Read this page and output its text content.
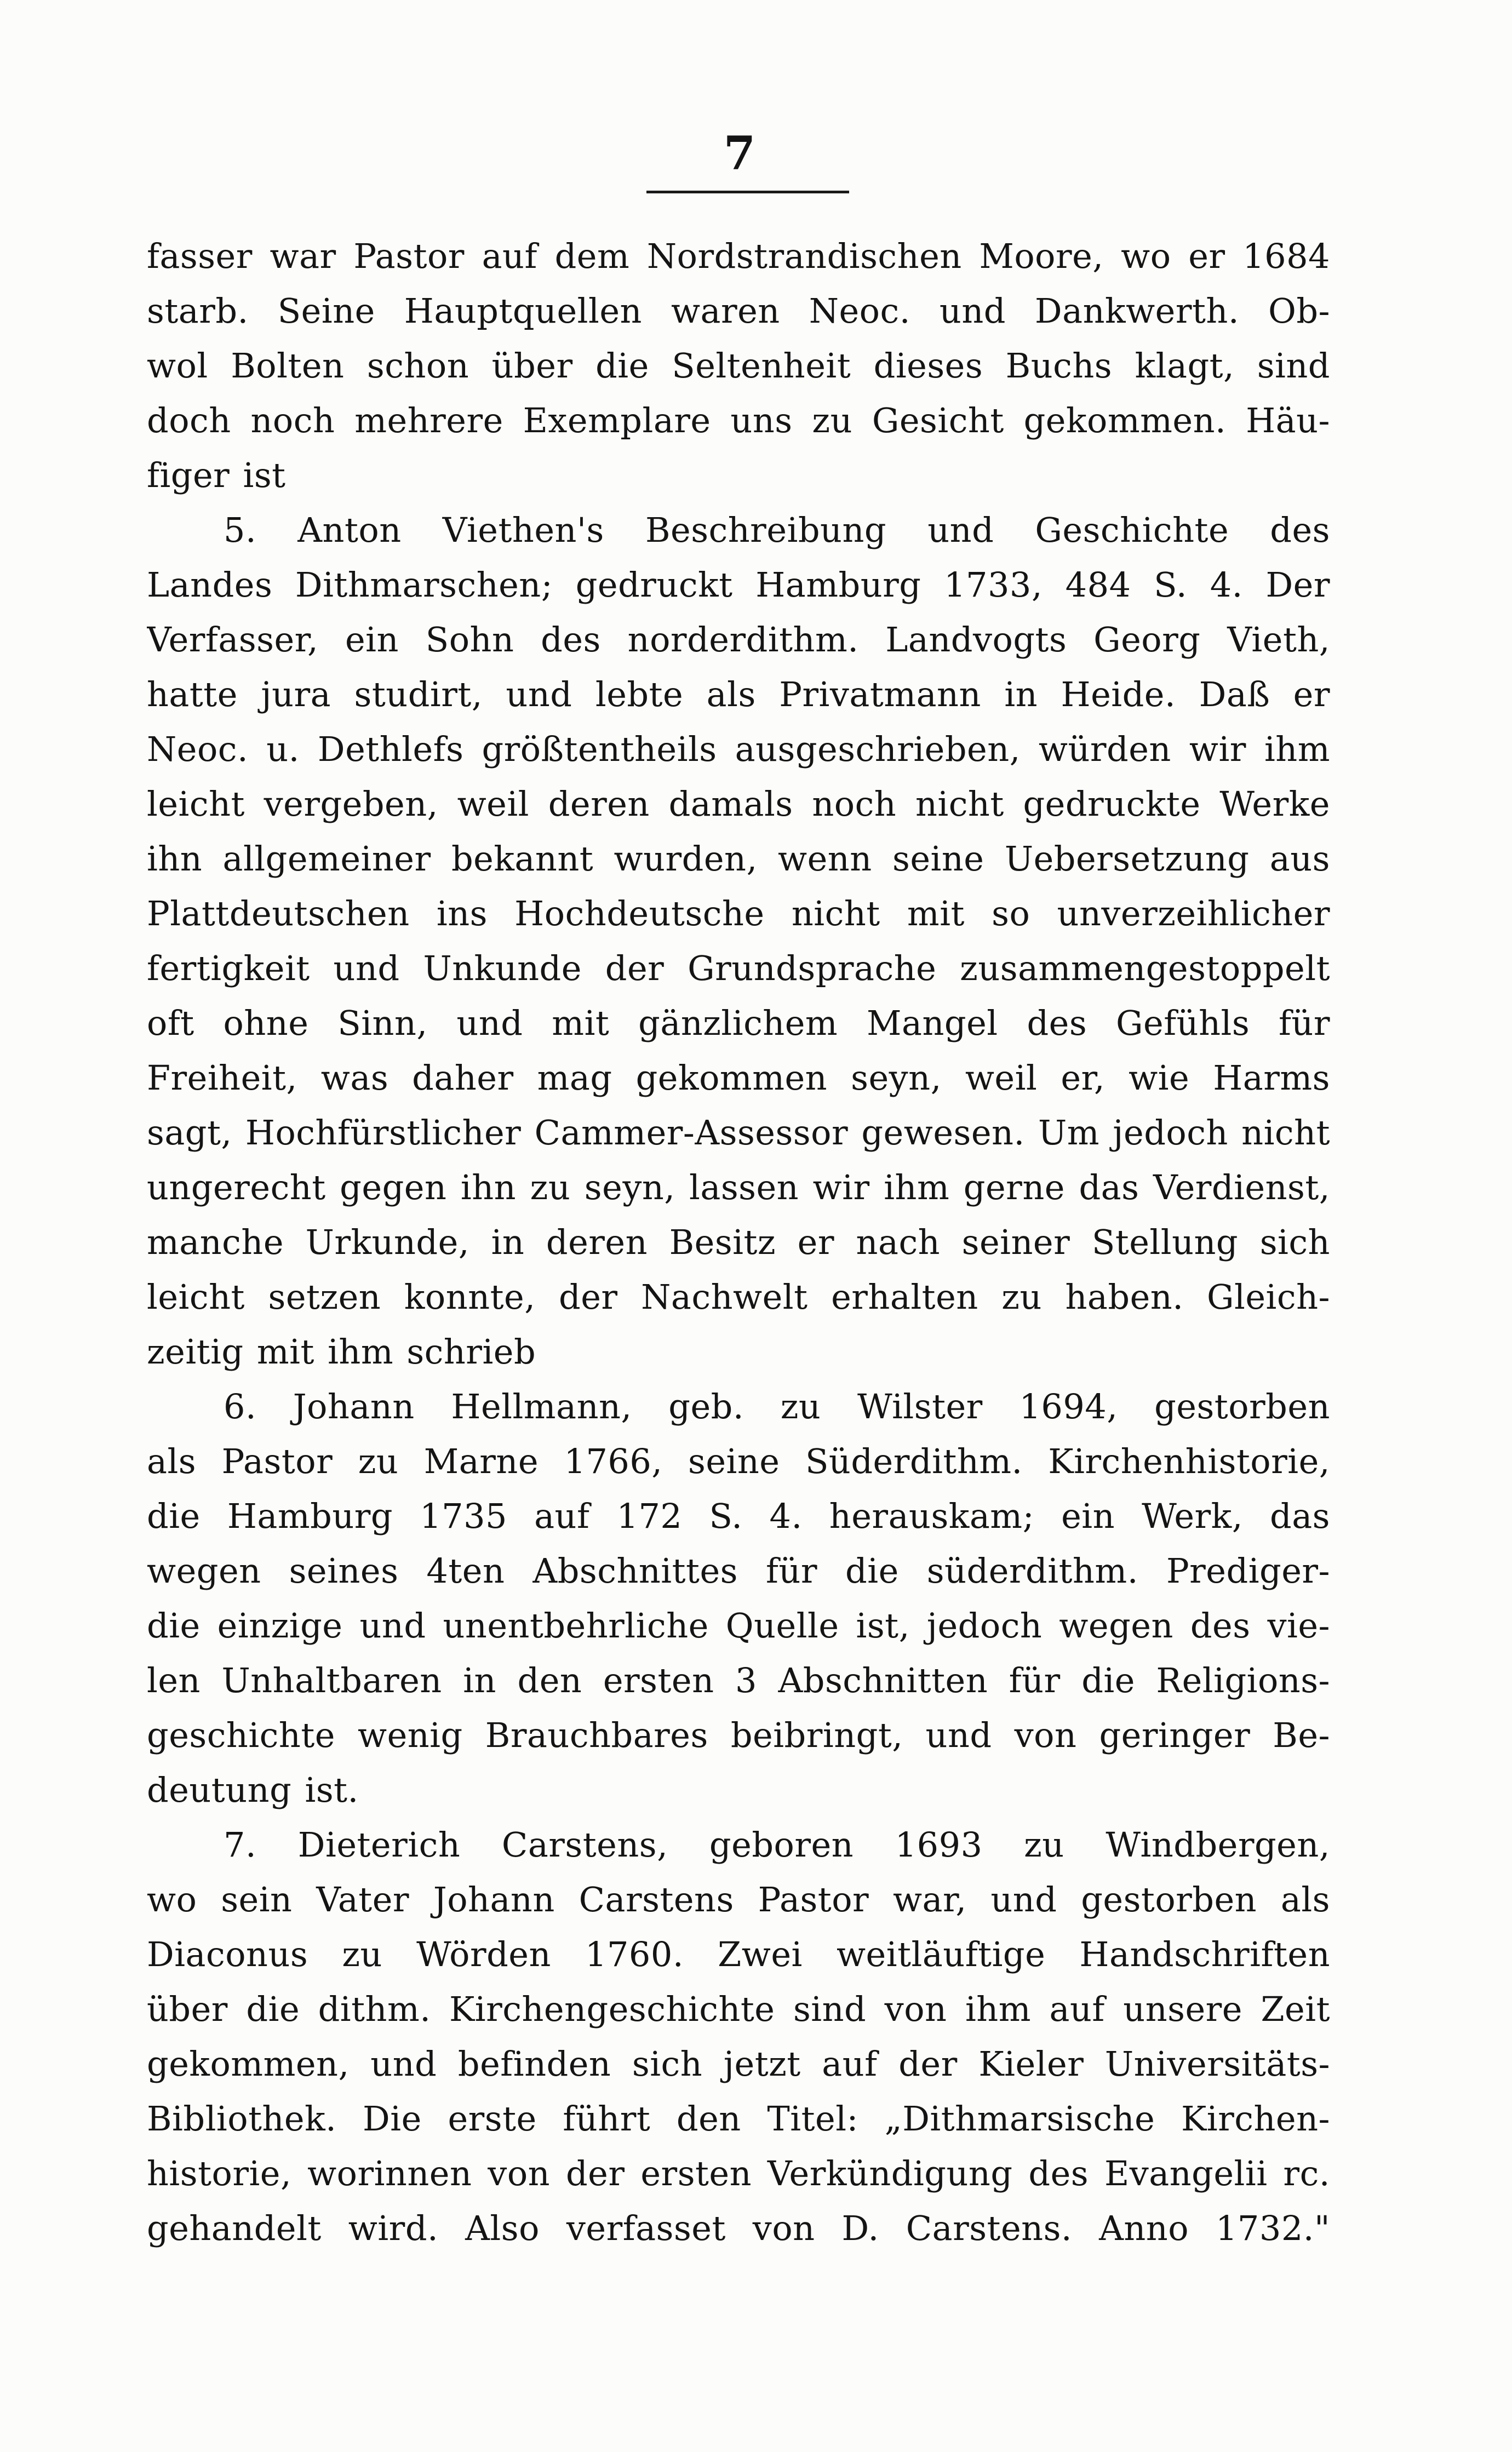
7
fasser war Pastor auf dem Nordstrandischen Moore, wo er 1684
starb. Seine Hauptquellen waren Neoc. und Dankwerth. Ob-
wol Bolten schon über die Seltenheit dieses Buchs klagt, sind
doch noch mehrere Exemplare uns zu Gesicht gekommen. Häu-
figer ist
5. Anton Viethen's Beschreibung und Geschichte des
Landes Dithmarschen; gedruckt Hamburg 1733, 484 S. 4. Der
Verfasser, ein Sohn des norderdithm. Landvogts Georg Vieth,
hatte jura studirt, und lebte als Privatmann in Heide. Daß er
Neoc. u. Dethlefs größtentheils ausgeschrieben, würden wir ihm
leicht vergeben, weil deren damals noch nicht gedruckte Werke
ihn allgemeiner bekannt wurden, wenn seine Uebersetzung aus
Plattdeutschen ins Hochdeutsche nicht mit so unverzeihlicher
fertigkeit und Unkunde der Grundsprache zusammengestoppelt
oft ohne Sinn, und mit gänzlichem Mangel des Gefühls für
Freiheit, was daher mag gekommen seyn, weil er, wie Harms
sagt, Hochfürstlicher Cammer-Assessor gewesen. Um jedoch nicht
ungerecht gegen ihn zu seyn, lassen wir ihm gerne das Verdienst,
manche Urkunde, in deren Besitz er nach seiner Stellung sich
leicht setzen konnte, der Nachwelt erhalten zu haben. Gleich-
zeitig mit ihm schrieb
6. Johann Hellmann, geb. zu Wilster 1694, gestorben
als Pastor zu Marne 1766, seine Süderdithm. Kirchenhistorie,
die Hamburg 1735 auf 172 S. 4. herauskam; ein Werk, das
wegen seines 4ten Abschnittes für die süderdithm. Prediger-
die einzige und unentbehrliche Quelle ist, jedoch wegen des vie-
len Unhaltbaren in den ersten 3 Abschnitten für die Religions-
geschichte wenig Brauchbares beibringt, und von geringer Be-
deutung ist.
7. Dieterich Carstens, geboren 1693 zu Windbergen,
wo sein Vater Johann Carstens Pastor war, und gestorben als
Diaconus zu Wörden 1760. Zwei weitläuftige Handschriften
über die dithm. Kirchengeschichte sind von ihm auf unsere Zeit
gekommen, und befinden sich jetzt auf der Kieler Universitäts-
Bibliothek. Die erste führt den Titel: „Dithmarsische Kirchen-
historie, worinnen von der ersten Verkündigung des Evangelii rc.
gehandelt wird. Also verfasset von D. Carstens. Anno 1732."
